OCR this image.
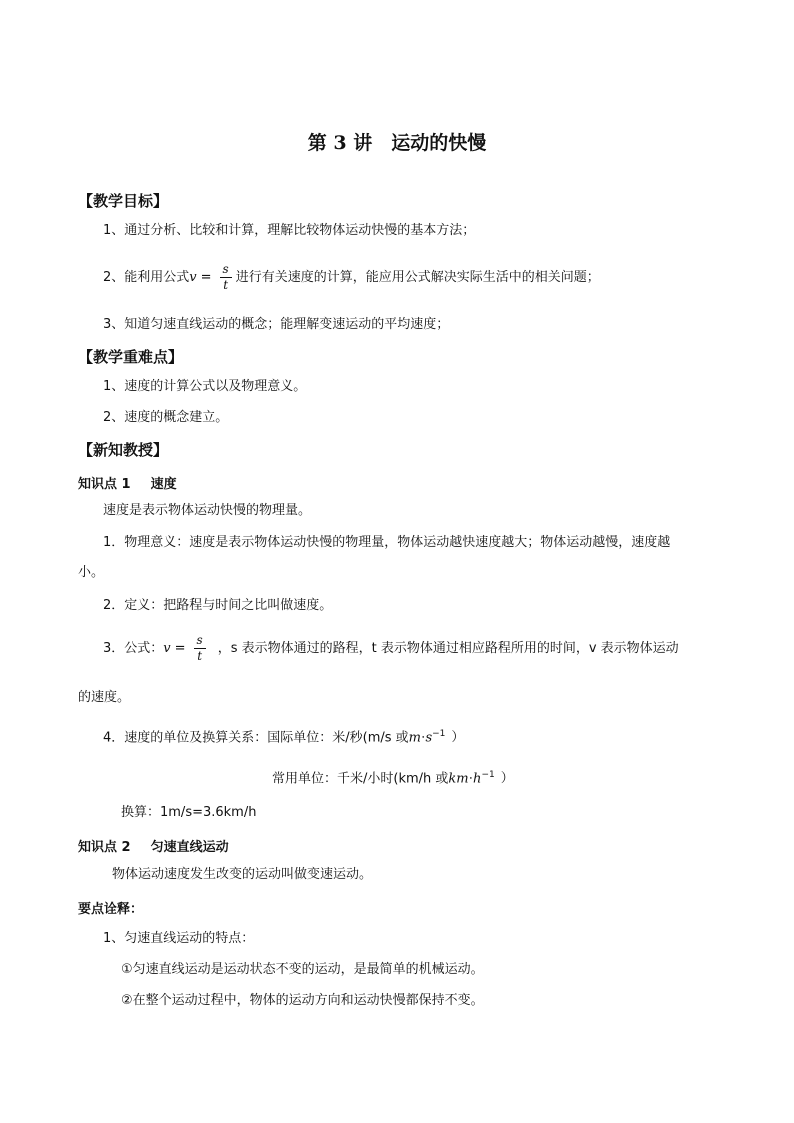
第 3 讲　运动的快慢
【教学目标】
1、通过分析、比较和计算，理解比较物体运动快慢的基本方法；
2、能利用公式 $v = \frac{s}{t}$ 进行有关速度的计算，能应用公式解决实际生活中的相关问题；
3、知道匀速直线运动的概念；能理解变速运动的平均速度；
【教学重难点】
1、速度的计算公式以及物理意义。
2、速度的概念建立。
【新知教授】
知识点 1 速度
速度是表示物体运动快慢的物理量。
1．物理意义：速度是表示物体运动快慢的物理量，物体运动越快速度越大；物体运动越慢，速度越
小。
2．定义：把路程与时间之比叫做速度。
3．公式： $v = \frac{s}{t}$ ，s 表示物体通过的路程，t 表示物体通过相应路程所用的时间，v 表示物体运动
的速度。
4．速度的单位及换算关系：国际单位：米/秒(m/s 或$m\cdot s^{-1}$ ）
常用单位：千米/小时(km/h 或$km\cdot h^{-1}$ ）
换算：1m/s=3.6km/h
知识点 2 匀速直线运动
物体运动速度发生改变的运动叫做变速运动。
要点诠释：
1、匀速直线运动的特点：
①匀速直线运动是运动状态不变的运动，是最简单的机械运动。
②在整个运动过程中，物体的运动方向和运动快慢都保持不变。
